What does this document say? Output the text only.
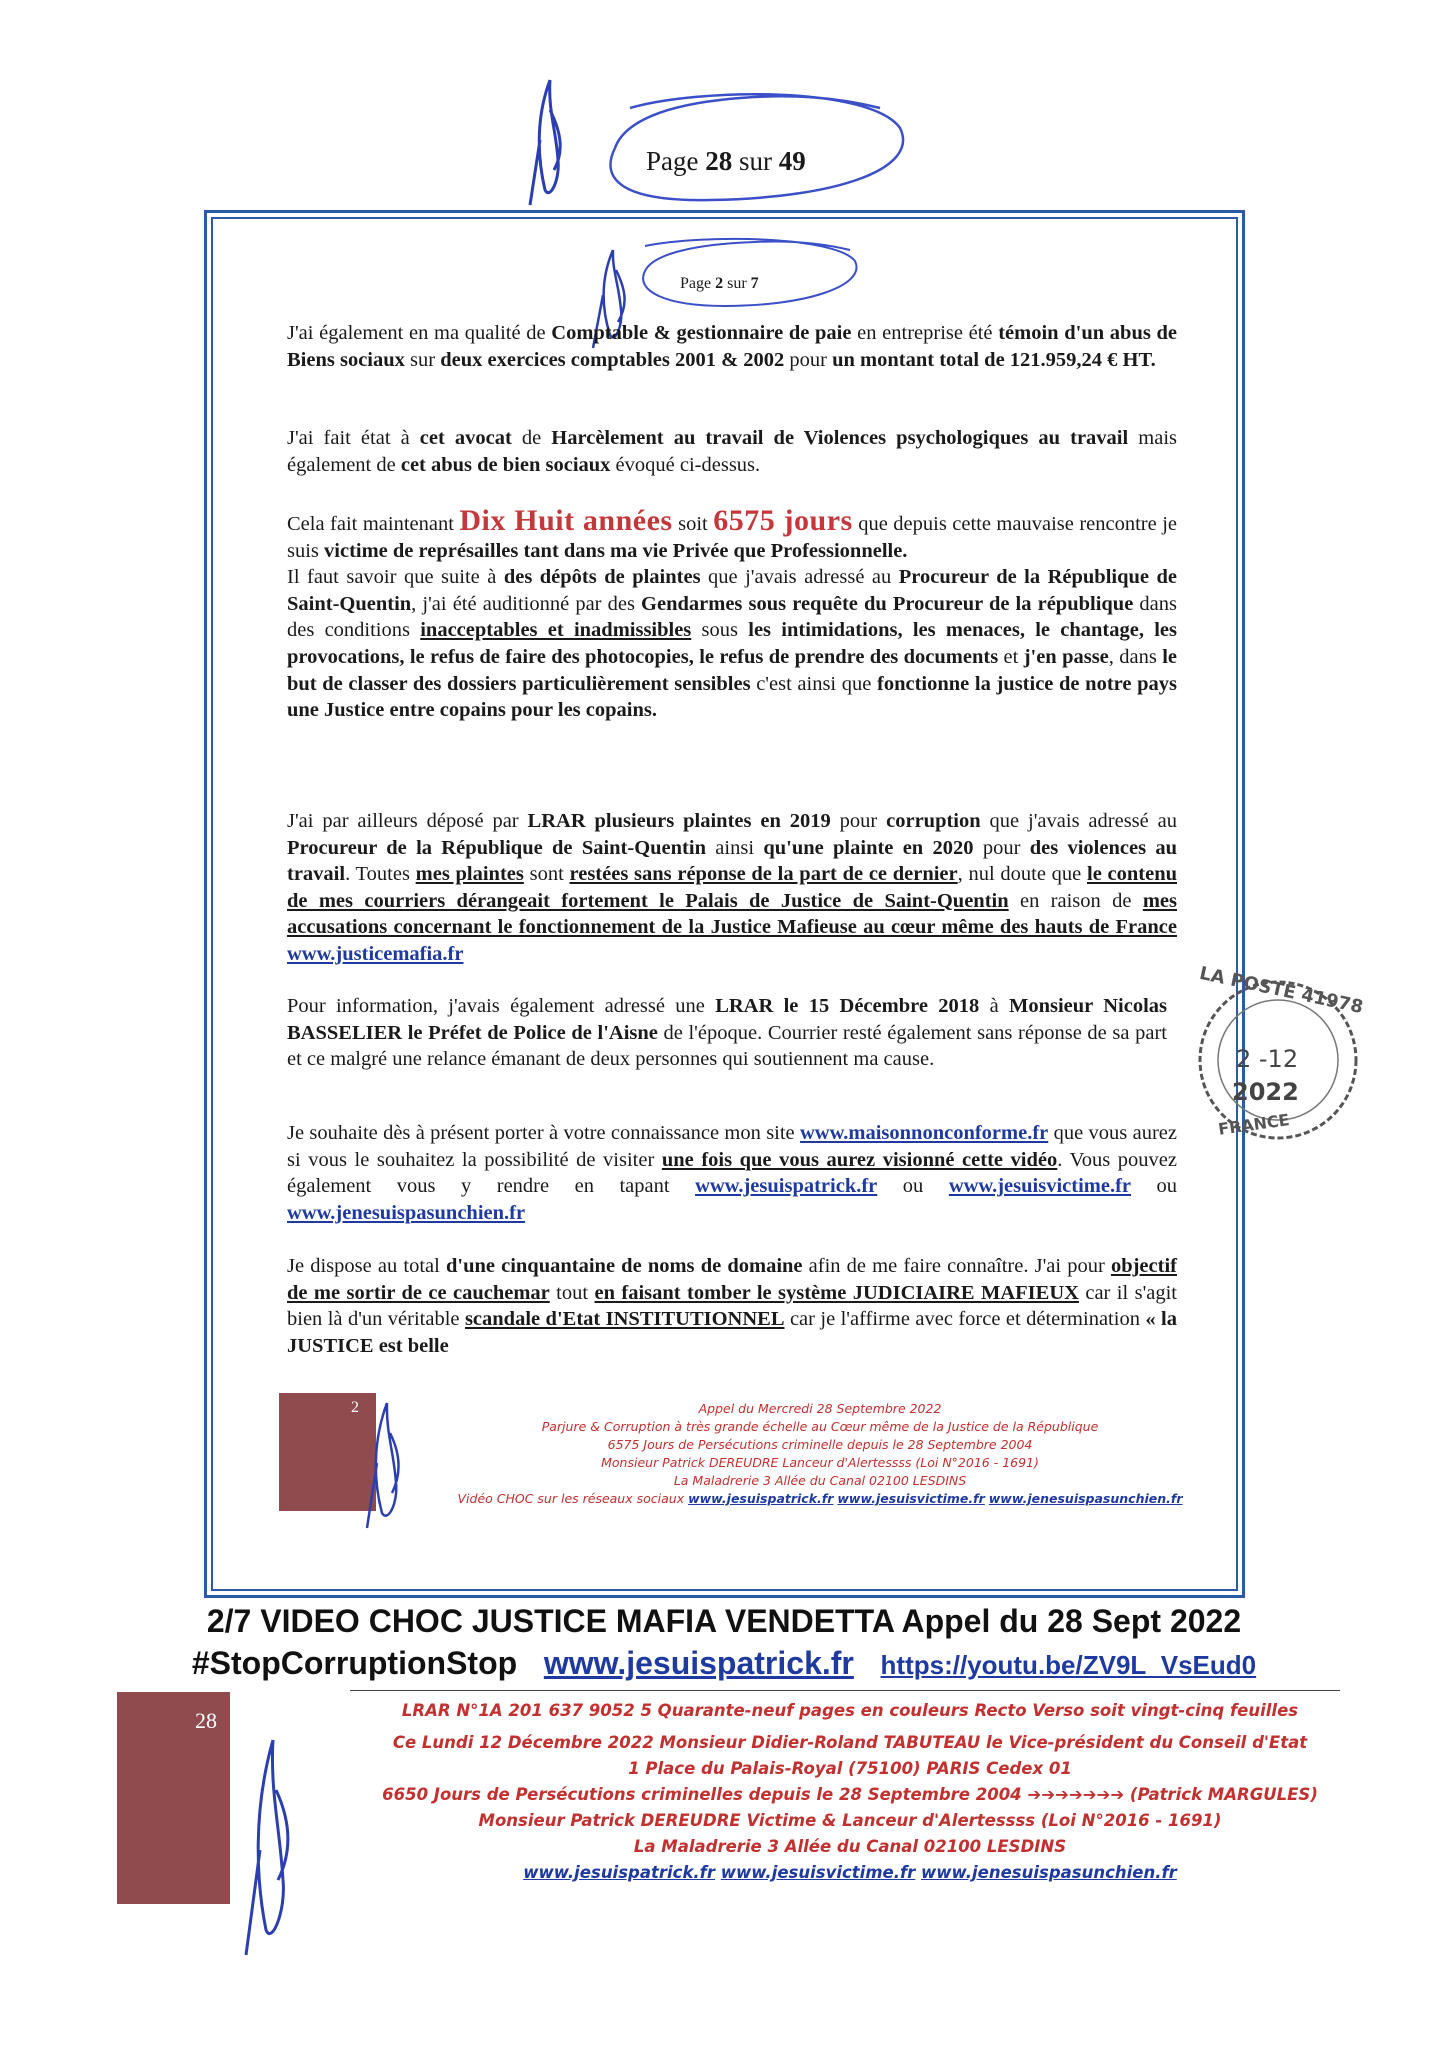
Page 28 sur 49
Page 2 sur 7

J'ai également en ma qualité de Comptable & gestionnaire de paie en entreprise été témoin d'un abus de Biens sociaux sur deux exercices comptables 2001 & 2002 pour un montant total de 121.959,24 € HT.

J'ai fait état à cet avocat de Harcèlement au travail de Violences psychologiques au travail mais également de cet abus de bien sociaux évoqué ci-dessus.

Cela fait maintenant Dix Huit années soit 6575 jours que depuis cette mauvaise rencontre je suis victime de représailles tant dans ma vie Privée que Professionnelle.

Il faut savoir que suite à des dépôts de plaintes que j'avais adressé au Procureur de la République de Saint-Quentin, j'ai été auditionné par des Gendarmes sous requête du Procureur de la république dans des conditions inacceptables et inadmissibles sous les intimidations, les menaces, le chantage, les provocations, le refus de faire des photocopies, le refus de prendre des documents et j'en passe, dans le but de classer des dossiers particulièrement sensibles c'est ainsi que fonctionne la justice de notre pays une Justice entre copains pour les copains.

J'ai par ailleurs déposé par LRAR plusieurs plaintes en 2019 pour corruption que j'avais adressé au Procureur de la République de Saint-Quentin ainsi qu'une plainte en 2020 pour des violences au travail. Toutes mes plaintes sont restées sans réponse de la part de ce dernier, nul doute que le contenu de mes courriers dérangeait fortement le Palais de Justice de Saint-Quentin en raison de mes accusations concernant le fonctionnement de la Justice Mafieuse au cœur même des hauts de France www.justicemafia.fr

Pour information, j'avais également adressé une LRAR le 15 Décembre 2018 à Monsieur Nicolas BASSELIER le Préfet de Police de l'Aisne de l'époque. Courrier resté également sans réponse de sa part et ce malgré une relance émanant de deux personnes qui soutiennent ma cause.

LA POSTE 41978
2 -12
2022
FRANCE

Je souhaite dès à présent porter à votre connaissance mon site www.maisonnonconforme.fr que vous aurez si vous le souhaitez la possibilité de visiter une fois que vous aurez visionné cette vidéo. Vous pouvez également vous y rendre en tapant www.jesuispatrick.fr ou www.jesuisvictime.fr ou www.jenesuispasunchien.fr

Je dispose au total d'une cinquantaine de noms de domaine afin de me faire connaître. J'ai pour objectif de me sortir de ce cauchemar tout en faisant tomber le système JUDICIAIRE MAFIEUX car il s'agit bien là d'un véritable scandale d'Etat INSTITUTIONNEL car je l'affirme avec force et détermination « la JUSTICE est belle

2	Appel du Mercredi 28 Septembre 2022
Parjure & Corruption à très grande échelle au Cœur même de la Justice de la République
6575 Jours de Persécutions criminelle depuis le 28 Septembre 2004
Monsieur Patrick DEREUDRE Lanceur d'Alertessss (Loi N°2016 - 1691)
La Maladrerie 3 Allée du Canal 02100 LESDINS
Vidéo CHOC sur les réseaux sociaux www.jesuispatrick.fr www.jesuisvictime.fr www.jenesuispasunchien.fr
2/7 VIDEO CHOC JUSTICE MAFIA VENDETTA Appel du 28 Sept 2022
#StopCorruptionStop www.jesuispatrick.fr https://youtu.be/ZV9L_VsEud0
28	LRAR N°1A 201 637 9052 5 Quarante-neuf pages en couleurs Recto Verso soit vingt-cinq feuilles
Ce Lundi 12 Décembre 2022 Monsieur Didier-Roland TABUTEAU le Vice-président du Conseil d'Etat
1 Place du Palais-Royal (75100) PARIS Cedex 01
6650 Jours de Persécutions criminelles depuis le 28 Septembre 2004 ➔➔➔➔➔➔➔ (Patrick MARGULES)
Monsieur Patrick DEREUDRE Victime & Lanceur d'Alertessss (Loi N°2016 - 1691)
La Maladrerie 3 Allée du Canal 02100 LESDINS
www.jesuispatrick.fr www.jesuisvictime.fr www.jenesuispasunchien.fr
